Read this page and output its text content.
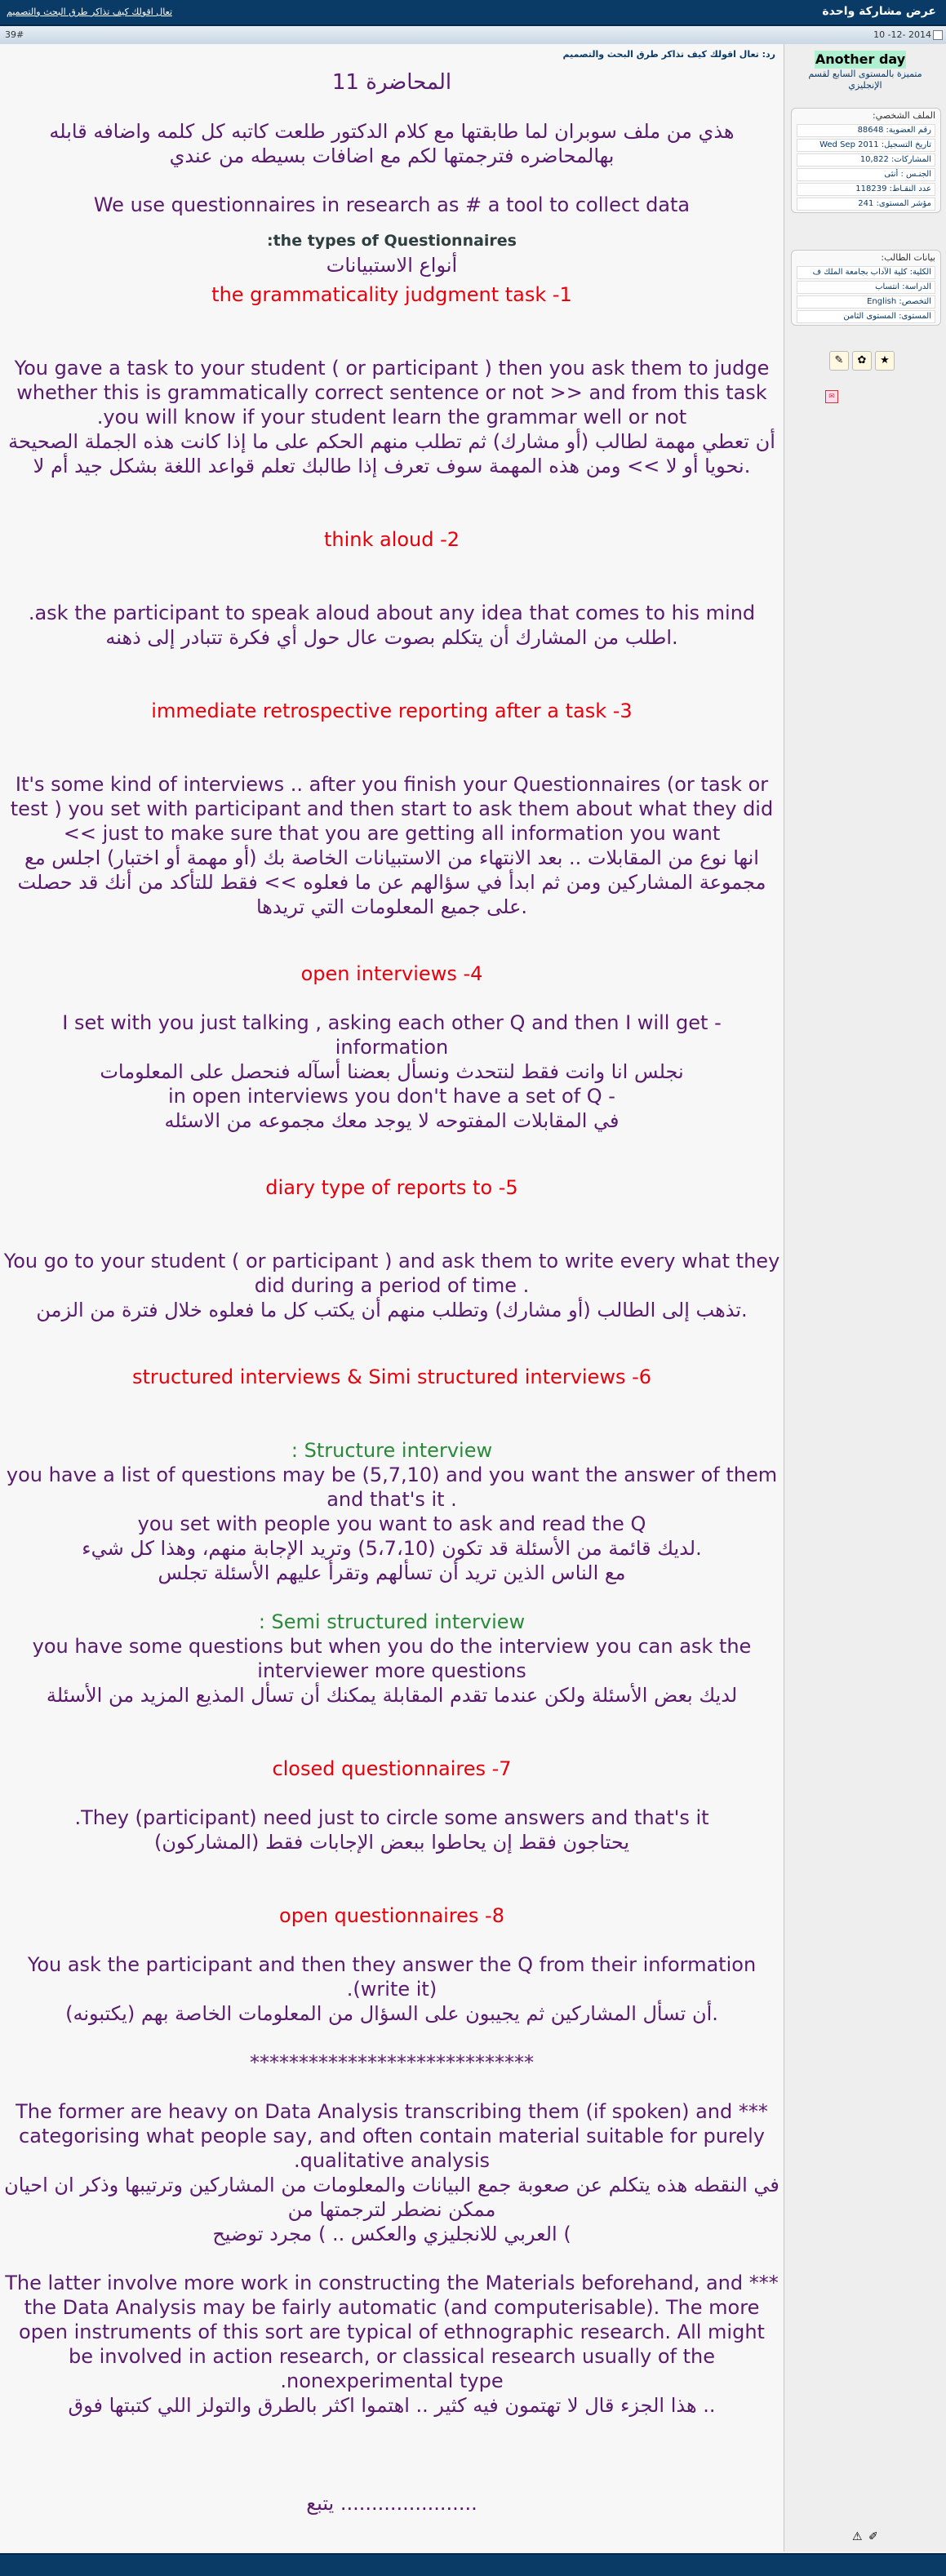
عرض مشاركة واحدة
تعال اقولك كيف تذاكر طرق البحث والتصميم
10 -12- 2014
39#
رد: تعال اقولك كيف تذاكر طرق البحث والتصميم

المحاضرة 11

هذي من ملف سوبران لما طابقتها مع كلام الدكتور طلعت كاتبه كل كلمه واضافه قابله

بهالمحاضره فترجمتها لكم مع اضافات بسيطه من عندي

We use questionnaires in research as # a tool to collect data

:the types of Questionnaires

أنواع الاستبيانات

the grammaticality judgment task -1

You gave a task to your student ( or participant ) then you ask them to judge

whether this is grammatically correct sentence or not >> and from this task

.you will know if your student learn the grammar well or not

أن تعطي مهمة لطالب (أو مشارك) ثم تطلب منهم الحكم على ما إذا كانت هذه الجملة الصحيحة

نحويا أو لا >> ومن هذه المهمة سوف تعرف إذا طالبك تعلم قواعد اللغة بشكل جيد أم لا.

think aloud -2

.ask the participant to speak aloud about any idea that comes to his mind

اطلب من المشارك أن يتكلم بصوت عال حول أي فكرة تتبادر إلى ذهنه.

immediate retrospective reporting after a task -3

It's some kind of interviews .. after you finish your Questionnaires (or task or

test ) you set with participant and then start to ask them about what they did

<< just to make sure that you are getting all information you want

انها نوع من المقابلات .. بعد الانتهاء من الاستبيانات الخاصة بك (أو مهمة أو اختبار) اجلس مع

مجموعة المشاركين ومن ثم ابدأ في سؤالهم عن ما فعلوه >> فقط للتأكد من أنك قد حصلت

على جميع المعلومات التي تريدها.

open interviews -4

I set with you just talking , asking each other Q and then I will get -

information

نجلس انا وانت فقط لنتحدث ونسأل بعضنا أسآله فنحصل على المعلومات

in open interviews you don't have a set of Q -

في المقابلات المفتوحه لا يوجد معك مجموعه من الاسئله

diary type of reports to -5

You go to your student ( or participant ) and ask them to write every what they

did during a period of time .

تذهب إلى الطالب (أو مشارك) وتطلب منهم أن يكتب كل ما فعلوه خلال فترة من الزمن.

structured interviews & Simi structured interviews -6

: Structure interview

you have a list of questions may be (5,7,10) and you want the answer of them

and that's it .

you set with people you want to ask and read the Q

لديك قائمة من الأسئلة قد تكون (5،7،10) وتريد الإجابة منهم، وهذا كل شيء.

مع الناس الذين تريد أن تسألهم وتقرأ عليهم الأسئلة تجلس

: Semi structured interview

you have some questions but when you do the interview you can ask the

interviewer more questions

لديك بعض الأسئلة ولكن عندما تقدم المقابلة يمكنك أن تسأل المذيع المزيد من الأسئلة

closed questionnaires -7

.They (participant) need just to circle some answers and that's it

(المشاركون) يحتاجون فقط إن يحاطوا ببعض الإجابات فقط

open questionnaires -8

You ask the participant and then they answer the Q from their information

.(write it)

أن تسأل المشاركين ثم يجيبون على السؤال من المعلومات الخاصة بهم (يكتبونه).

*****************************

The former are heavy on Data Analysis transcribing them (if spoken) and ***

categorising what people say, and often contain material suitable for purely

.qualitative analysis

في النقطه هذه يتكلم عن صعوبة جمع البيانات والمعلومات من المشاركين وترتيبها وذكر ان احيان

ممكن نضطر لترجمتها من

العربي للانجليزي والعكس .. ) مجرد توضيح (

The latter involve more work in constructing the Materials beforehand, and ***

the Data Analysis may be fairly automatic (and computerisable). The more

open instruments of this sort are typical of ethnographic research. All might

be involved in action research, or classical research usually of the

.nonexperimental type

هذا الجزء قال لا تهتمون فيه كثير .. اهتموا اكثر بالطرق والتولز اللي كتبتها فوق ..

يتبع ......................

Another day
متميزة بالمستوى السابع لقسم الإنجليزي
الملف الشخصي:
رقم العضوية: 88648
تاريخ التسجيل: Wed Sep 2011
المشاركات: 10,822
الجنـس : أنثى
عدد النقـاط: 118239
مؤشر المستوى: 241
بيانات الطالب:
الكلية: كلية الآداب بجامعة الملك ف
الدراسة: انتساب
التخصص: English
المستوى: المستوى الثامن
✎ ✿ ★
✉
⚠ ✐
